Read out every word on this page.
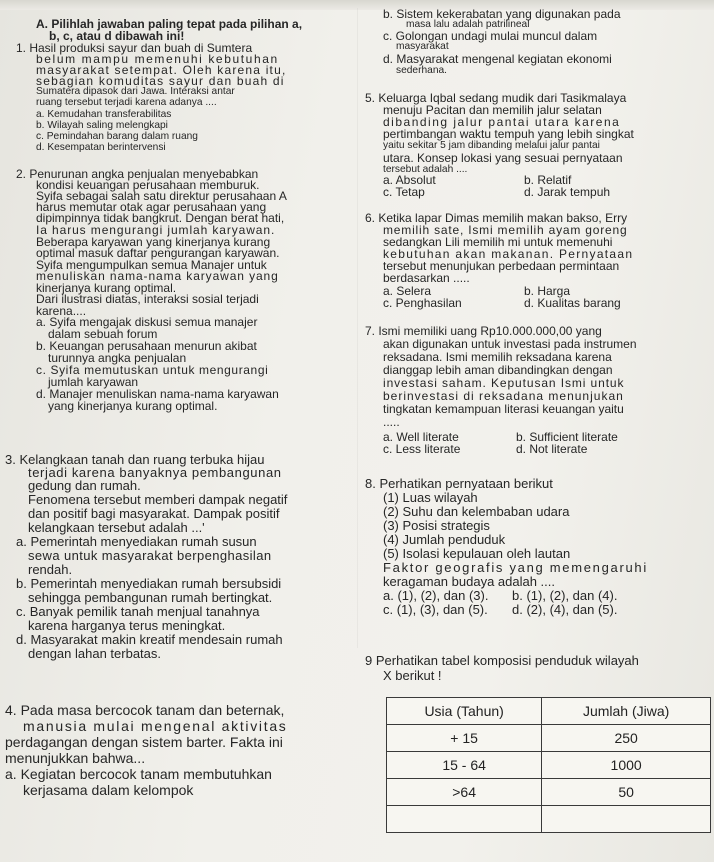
A. Pilihlah jawaban paling tepat pada pilihan a,
b, c, atau d dibawah ini!
1. Hasil produksi sayur dan buah di Sumtera
belum mampu memenuhi kebutuhan
masyarakat setempat. Oleh karena itu,
sebagian komuditas sayur dan buah di
Sumatera dipasok dari Jawa. Interaksi antar
ruang tersebut terjadi karena adanya ....
a. Kemudahan transferabilitas
b. Wilayah saling melengkapi
c. Pemindahan barang dalam ruang
d. Kesempatan berintervensi
2. Penurunan angka penjualan menyebabkan
kondisi keuangan perusahaan memburuk.
Syifa sebagai salah satu direktur perusahaan A
harus memutar otak agar perusahaan yang
dipimpinnya tidak bangkrut. Dengan berat hati,
Ia harus mengurangi jumlah karyawan.
Beberapa karyawan yang kinerjanya kurang
optimal masuk daftar pengurangan karyawan.
Syifa mengumpulkan semua Manajer untuk
menuliskan nama-nama karyawan yang
kinerjanya kurang optimal.
Dari ilustrasi diatas, interaksi sosial terjadi
karena....
a. Syifa mengajak diskusi semua manajer
dalam sebuah forum
b. Keuangan perusahaan menurun akibat
turunnya angka penjualan
c. Syifa memutuskan untuk mengurangi
jumlah karyawan
d. Manajer menuliskan nama-nama karyawan
yang kinerjanya kurang optimal.
3. Kelangkaan tanah dan ruang terbuka hijau
terjadi karena banyaknya pembangunan
gedung dan rumah.
Fenomena tersebut memberi dampak negatif
dan positif bagi masyarakat. Dampak positif
kelangkaan tersebut adalah ...'
a. Pemerintah menyediakan rumah susun
sewa untuk masyarakat berpenghasilan
rendah.
b. Pemerintah menyediakan rumah bersubsidi
sehingga pembangunan rumah bertingkat.
c. Banyak pemilik tanah menjual tanahnya
karena harganya terus meningkat.
d. Masyarakat makin kreatif mendesain rumah
dengan lahan terbatas.
4. Pada masa bercocok tanam dan beternak,
manusia mulai mengenal aktivitas
perdagangan dengan sistem barter. Fakta ini
menunjukkan bahwa...
a. Kegiatan bercocok tanam membutuhkan
kerjasama dalam kelompok
b. Sistem kekerabatan yang digunakan pada
masa lalu adalah patrilineal
c. Golongan undagi mulai muncul dalam
masyarakat
d. Masyarakat mengenal kegiatan ekonomi
sederhana.
5. Keluarga Iqbal sedang mudik dari Tasikmalaya
menuju Pacitan dan memilih jalur selatan
dibanding jalur pantai utara karena
pertimbangan waktu tempuh yang lebih singkat
yaitu sekitar 5 jam dibanding melalui jalur pantai
utara. Konsep lokasi yang sesuai pernyataan
tersebut adalah ....
a. Absolut	b. Relatif
c. Tetap	d. Jarak tempuh
6. Ketika lapar Dimas memilih makan bakso, Erry
memilih sate, Ismi memilih ayam goreng
sedangkan Lili memilih mi untuk memenuhi
kebutuhan akan makanan. Pernyataan
tersebut menunjukan perbedaan permintaan
berdasarkan .....
a. Selera	b. Harga
c. Penghasilan	d. Kualitas barang
7. Ismi memiliki uang Rp10.000.000,00 yang
akan digunakan untuk investasi pada instrumen
reksadana. Ismi memilih reksadana karena
dianggap lebih aman dibandingkan dengan
investasi saham. Keputusan Ismi untuk
berinvestasi di reksadana menunjukan
tingkatan kemampuan literasi keuangan yaitu
.....
a. Well literate	b. Sufficient literate
c. Less literate	d. Not literate
8. Perhatikan pernyataan berikut
(1) Luas wilayah
(2) Suhu dan kelembaban udara
(3) Posisi strategis
(4) Jumlah penduduk
(5) Isolasi kepulauan oleh lautan
Faktor geografis yang memengaruhi
keragaman budaya adalah ....
a. (1), (2), dan (3). b. (1), (2), dan (4).
c. (1), (3), dan (5). d. (2), (4), dan (5).
9 Perhatikan tabel komposisi penduduk wilayah
X berikut !
Usia (Tahun)	Jumlah (Jiwa)
+ 15	250
15 - 64	1000
>64	50
